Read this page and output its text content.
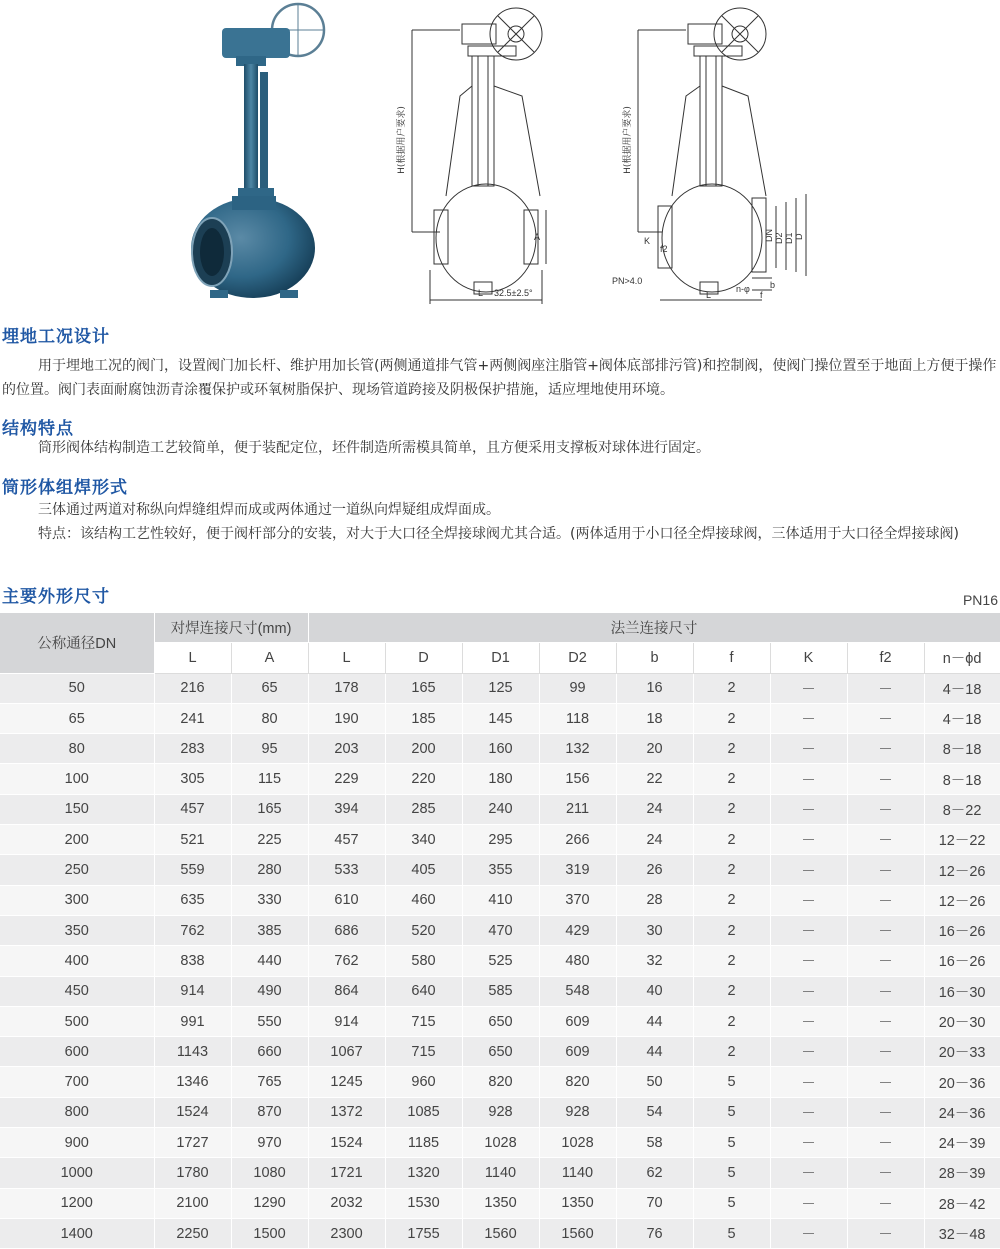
H(根据用户要求)
A
L 32.5±2.5°
H(根据用户要求)
K
f2
PN>4.0
L
DN D2 D1 D
n-φ
f
b
埋地工况设计

用于埋地工况的阀门，设置阀门加长杆、维护用加长管(两侧通道排气管+两侧阀座注脂管+阀体底部排污管)和控制阀，使阀门操位置至于地面上方便于操作的位置。阀门表面耐腐蚀沥青涂覆保护或环氧树脂保护、现场管道跨接及阴极保护措施，适应埋地使用环境。

结构特点

筒形阀体结构制造工艺较简单，便于装配定位，坯件制造所需模具简单，且方便采用支撑板对球体进行固定。

筒形体组焊形式

三体通过两道对称纵向焊缝组焊而成或两体通过一道纵向焊疑组成焊面成。

特点：该结构工艺性较好，便于阀杆部分的安装，对大于大口径全焊接球阀尤其合适。(两体适用于小口径全焊接球阀，三体适用于大口径全焊接球阀)

主要外形尺寸	PN16
公称通径DN	对焊连接尺寸(mm)		法兰连接尺寸								
	L	A	L	D	D1	D2	b	f	K	f2	n－ϕd
50	216	65	178	165	125	99	16	2	－	－	4－18
65	241	80	190	185	145	118	18	2	－	－	4－18
80	283	95	203	200	160	132	20	2	－	－	8－18
100	305	115	229	220	180	156	22	2	－	－	8－18
150	457	165	394	285	240	211	24	2	－	－	8－22
200	521	225	457	340	295	266	24	2	－	－	12－22
250	559	280	533	405	355	319	26	2	－	－	12－26
300	635	330	610	460	410	370	28	2	－	－	12－26
350	762	385	686	520	470	429	30	2	－	－	16－26
400	838	440	762	580	525	480	32	2	－	－	16－26
450	914	490	864	640	585	548	40	2	－	－	16－30
500	991	550	914	715	650	609	44	2	－	－	20－30
600	1143	660	1067	715	650	609	44	2	－	－	20－33
700	1346	765	1245	960	820	820	50	5	－	－	20－36
800	1524	870	1372	1085	928	928	54	5	－	－	24－36
900	1727	970	1524	1185	1028	1028	58	5	－	－	24－39
1000	1780	1080	1721	1320	1140	1140	62	5	－	－	28－39
1200	2100	1290	2032	1530	1350	1350	70	5	－	－	28－42
1400	2250	1500	2300	1755	1560	1560	76	5	－	－	32－48
